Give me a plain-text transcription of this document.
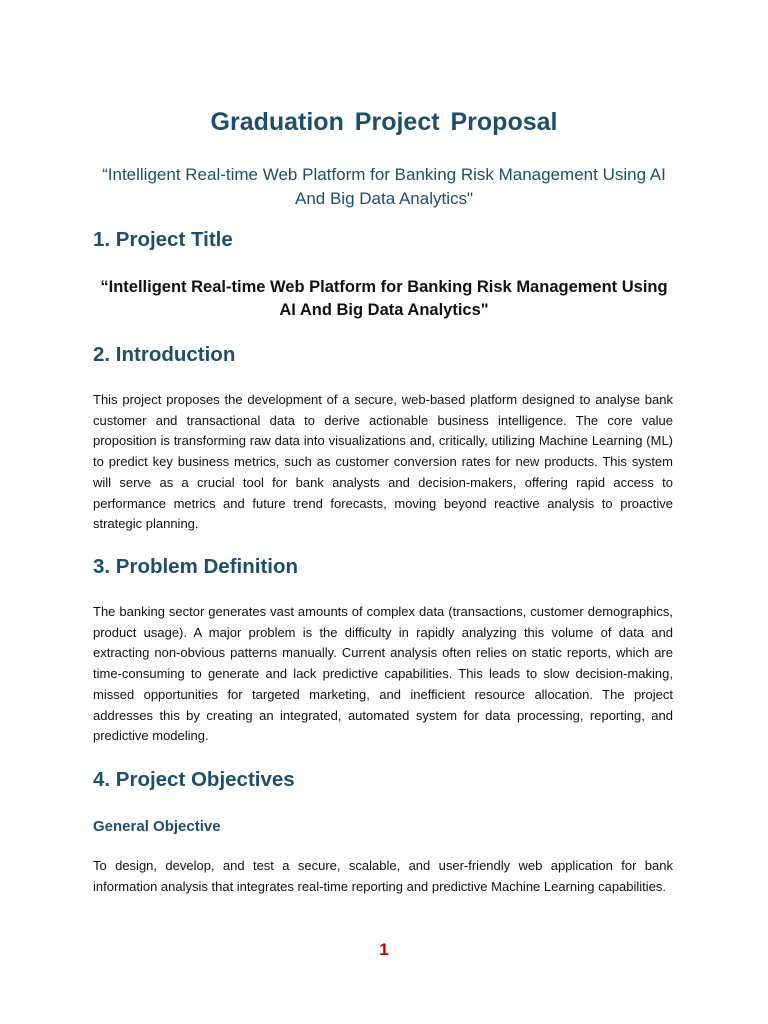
Graduation Project Proposal
“Intelligent Real-time Web Platform for Banking Risk Management Using AI And Big Data Analytics"
1. Project Title
“Intelligent Real-time Web Platform for Banking Risk Management Using AI And Big Data Analytics"
2. Introduction

This project proposes the development of a secure, web-based platform designed to analyse bank customer and transactional data to derive actionable business intelligence. The core value proposition is transforming raw data into visualizations and, critically, utilizing Machine Learning (ML) to predict key business metrics, such as customer conversion rates for new products. This system will serve as a crucial tool for bank analysts and decision-makers, offering rapid access to performance metrics and future trend forecasts, moving beyond reactive analysis to proactive strategic planning.

3. Problem Definition

The banking sector generates vast amounts of complex data (transactions, customer demographics, product usage). A major problem is the difficulty in rapidly analyzing this volume of data and extracting non-obvious patterns manually. Current analysis often relies on static reports, which are time-consuming to generate and lack predictive capabilities. This leads to slow decision-making, missed opportunities for targeted marketing, and inefficient resource allocation. The project addresses this by creating an integrated, automated system for data processing, reporting, and predictive modeling.

4. Project Objectives
General Objective

To design, develop, and test a secure, scalable, and user-friendly web application for bank information analysis that integrates real-time reporting and predictive Machine Learning capabilities.

1
